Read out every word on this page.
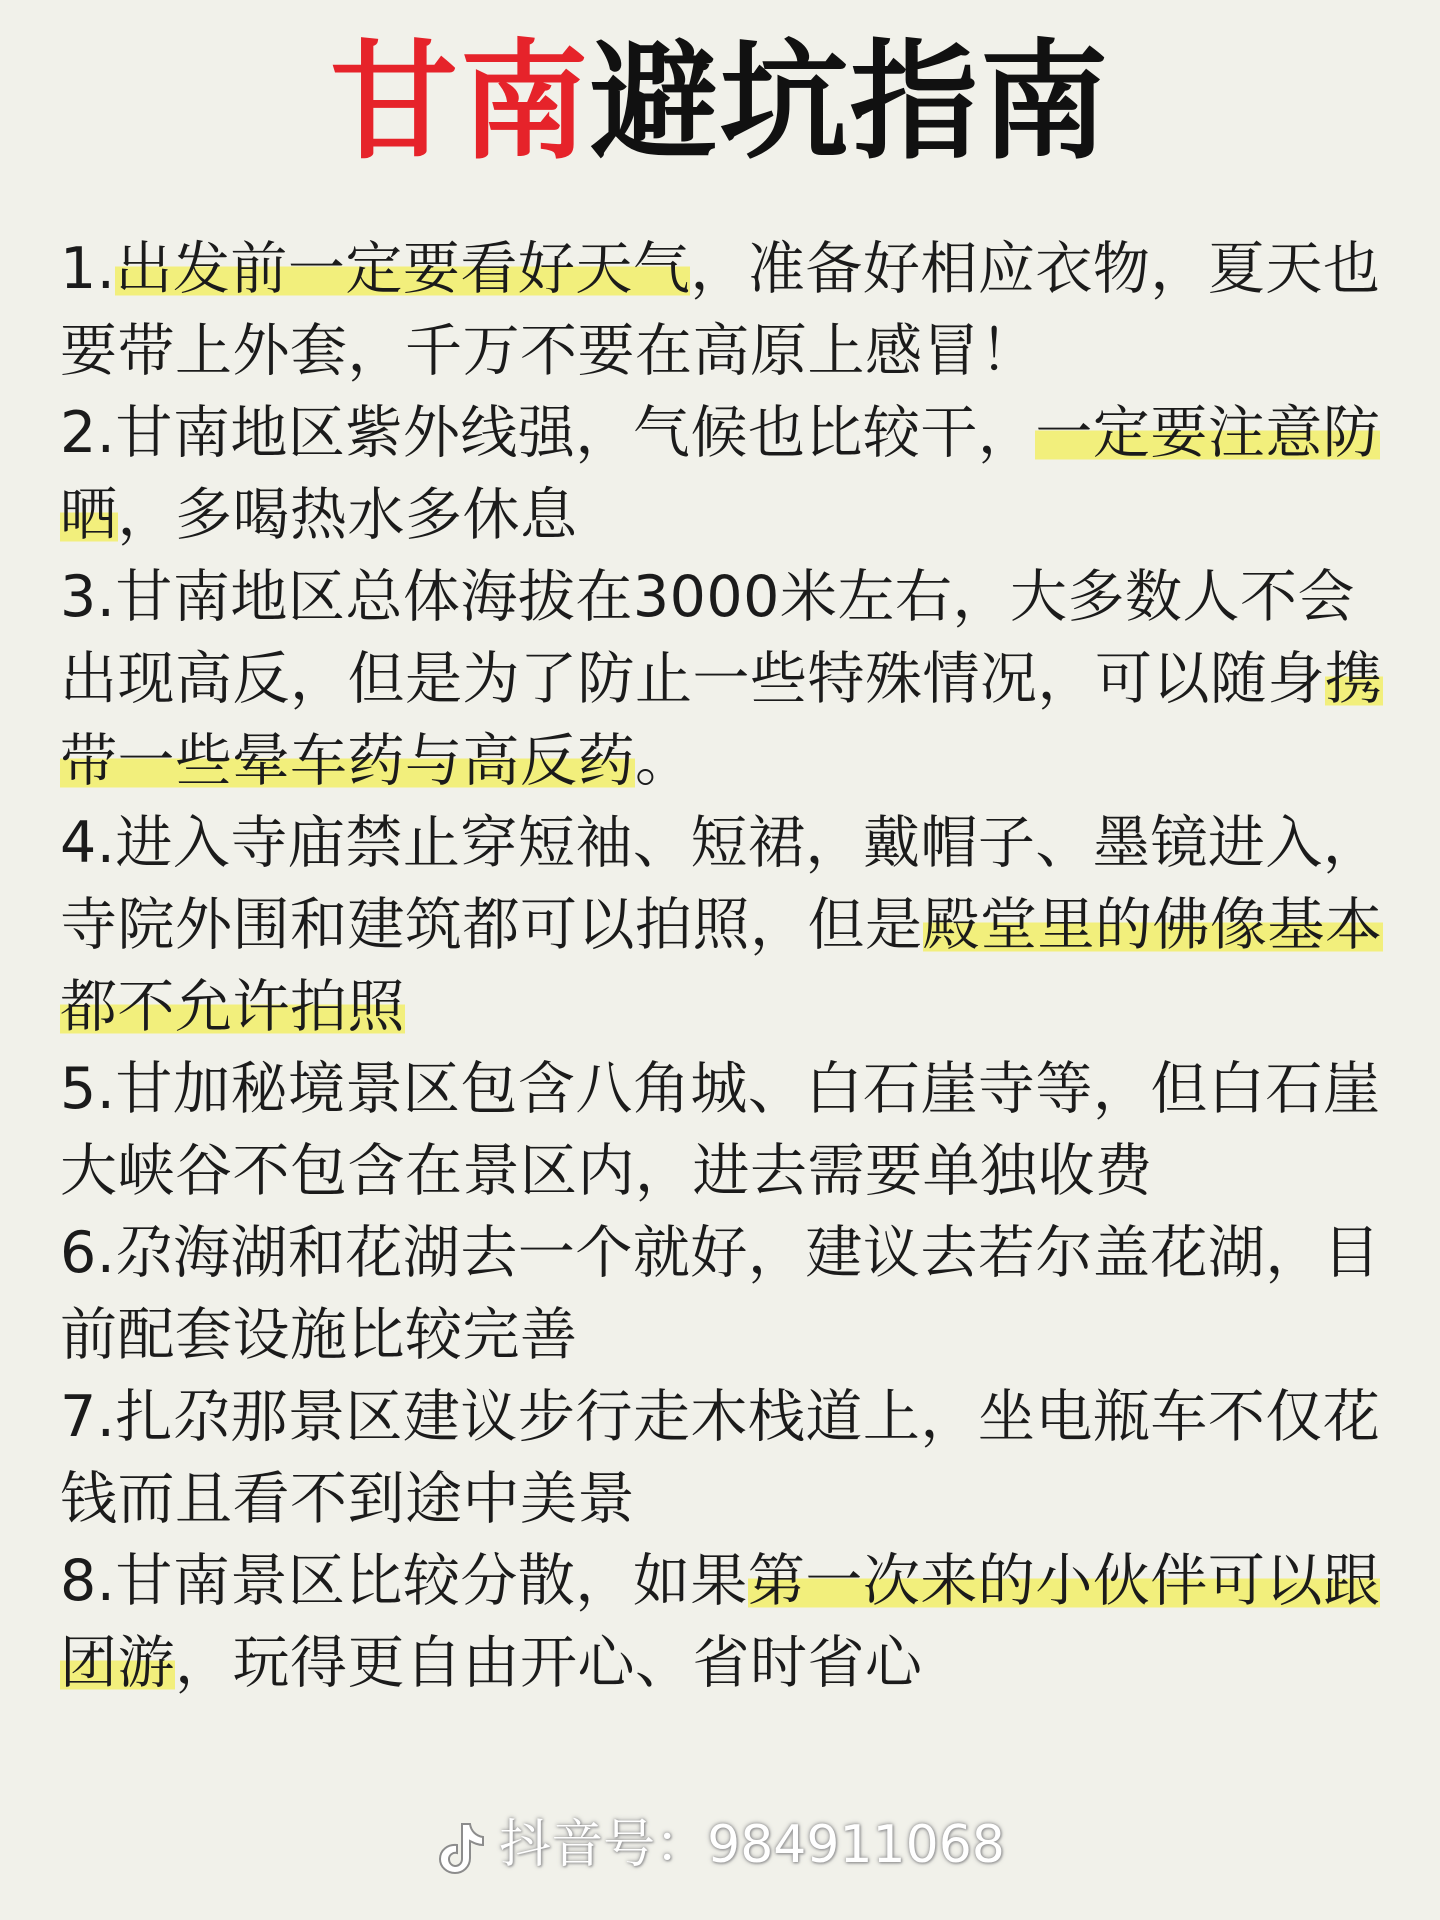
甘南避坑指南

1.出发前一定要看好天气，准备好相应衣物，夏天也要带上外套，千万不要在高原上感冒！

2.甘南地区紫外线强，气候也比较干，一定要注意防晒，多喝热水多休息

3.甘南地区总体海拔在3000米左右，大多数人不会出现高反，但是为了防止一些特殊情况，可以随身携带一些晕车药与高反药。

4.进入寺庙禁止穿短袖、短裙，戴帽子、墨镜进入，寺院外围和建筑都可以拍照，但是殿堂里的佛像基本都不允许拍照

5.甘加秘境景区包含八角城、白石崖寺等，但白石崖大峡谷不包含在景区内，进去需要单独收费

6.尕海湖和花湖去一个就好，建议去若尔盖花湖，目前配套设施比较完善

7.扎尕那景区建议步行走木栈道上，坐电瓶车不仅花钱而且看不到途中美景

8.甘南景区比较分散，如果第一次来的小伙伴可以跟团游，玩得更自由开心、省时省心

抖音号：984911068
